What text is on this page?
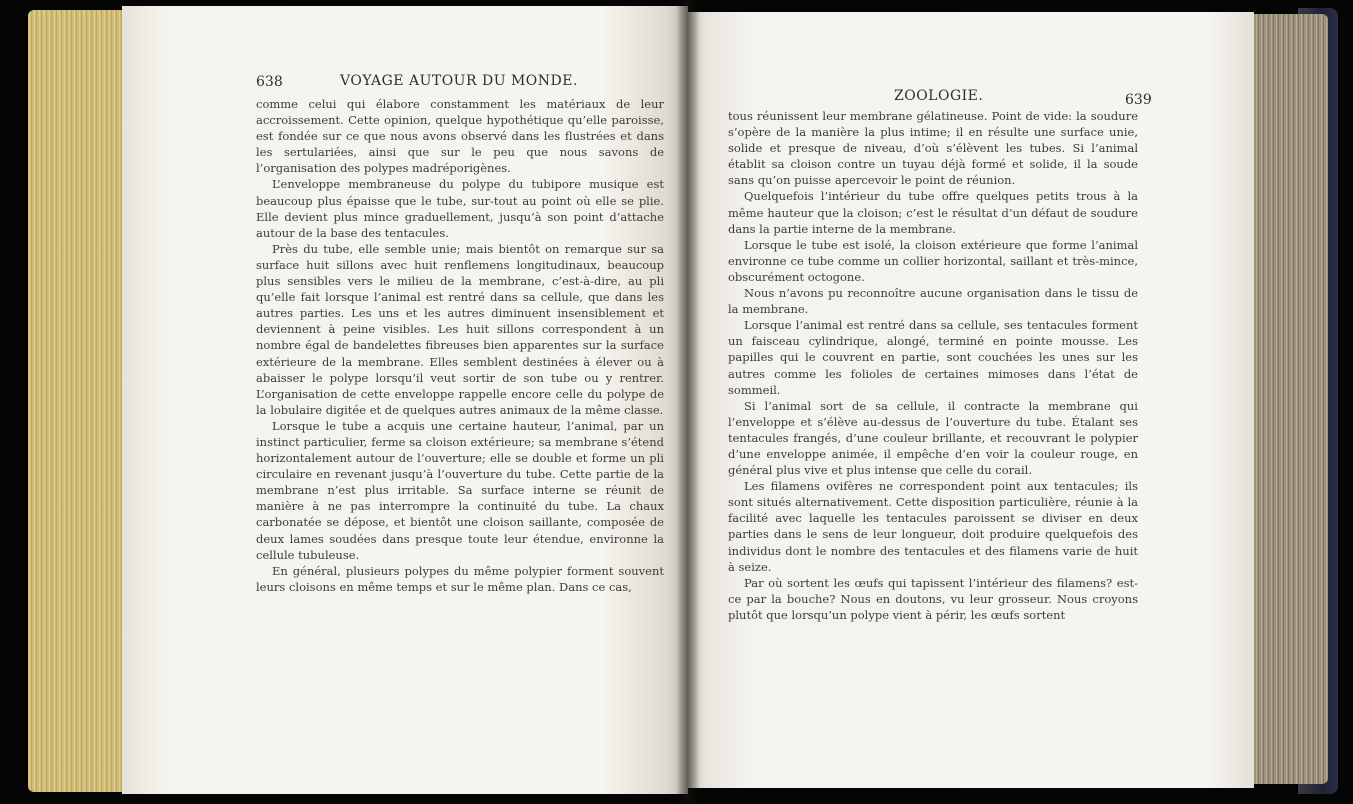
638	VOYAGE AUTOUR DU MONDE.

comme celui qui élabore constamment les matériaux de leur accroissement. Cette opinion, quelque hypothétique qu’elle paroisse, est fondée sur ce que nous avons observé dans les flustrées et dans les sertulariées, ainsi que sur le peu que nous savons de l’organisation des polypes madréporigènes.

L’enveloppe membraneuse du polype du tubipore musique est beaucoup plus épaisse que le tube, sur-tout au point où elle se plie. Elle devient plus mince graduellement, jusqu’à son point d’attache autour de la base des tentacules.

Près du tube, elle semble unie; mais bientôt on remarque sur sa surface huit sillons avec huit renflemens longitudinaux, beaucoup plus sensibles vers le milieu de la membrane, c’est-à-dire, au pli qu’elle fait lorsque l’animal est rentré dans sa cellule, que dans les autres parties. Les uns et les autres diminuent insensiblement et deviennent à peine visibles. Les huit sillons correspondent à un nombre égal de bandelettes fibreuses bien apparentes sur la surface extérieure de la membrane. Elles semblent destinées à élever ou à abaisser le polype lorsqu’il veut sortir de son tube ou y rentrer. L’organisation de cette enveloppe rappelle encore celle du polype de la lobulaire digitée et de quelques autres animaux de la même classe.

Lorsque le tube a acquis une certaine hauteur, l’animal, par un instinct particulier, ferme sa cloison extérieure; sa membrane s’étend horizontalement autour de l’ouverture; elle se double et forme un pli circulaire en revenant jusqu’à l’ouverture du tube. Cette partie de la membrane n’est plus irritable. Sa surface interne se réunit de manière à ne pas interrompre la continuité du tube. La chaux carbonatée se dépose, et bientôt une cloison saillante, composée de deux lames soudées dans presque toute leur étendue, environne la cellule tubuleuse.

En général, plusieurs polypes du même polypier forment souvent leurs cloisons en même temps et sur le même plan. Dans ce cas,

ZOOLOGIE.	639

tous réunissent leur membrane gélatineuse. Point de vide: la soudure s’opère de la manière la plus intime; il en résulte une surface unie, solide et presque de niveau, d’où s’élèvent les tubes. Si l’animal établit sa cloison contre un tuyau déjà formé et solide, il la soude sans qu’on puisse apercevoir le point de réunion.

Quelquefois l’intérieur du tube offre quelques petits trous à la même hauteur que la cloison; c’est le résultat d’un défaut de soudure dans la partie interne de la membrane.

Lorsque le tube est isolé, la cloison extérieure que forme l’animal environne ce tube comme un collier horizontal, saillant et très-mince, obscurément octogone.

Nous n’avons pu reconnoître aucune organisation dans le tissu de la membrane.

Lorsque l’animal est rentré dans sa cellule, ses tentacules forment un faisceau cylindrique, alongé, terminé en pointe mousse. Les papilles qui le couvrent en partie, sont couchées les unes sur les autres comme les folioles de certaines mimoses dans l’état de sommeil.

Si l’animal sort de sa cellule, il contracte la membrane qui l’enveloppe et s’élève au-dessus de l’ouverture du tube. Étalant ses tentacules frangés, d’une couleur brillante, et recouvrant le polypier d’une enveloppe animée, il empêche d’en voir la couleur rouge, en général plus vive et plus intense que celle du corail.

Les filamens ovifères ne correspondent point aux tentacules; ils sont situés alternativement. Cette disposition particulière, réunie à la facilité avec laquelle les tentacules paroissent se diviser en deux parties dans le sens de leur longueur, doit produire quelquefois des individus dont le nombre des tentacules et des filamens varie de huit à seize.

Par où sortent les œufs qui tapissent l’intérieur des filamens? est-ce par la bouche? Nous en doutons, vu leur grosseur. Nous croyons plutôt que lorsqu’un polype vient à périr, les œufs sortent
